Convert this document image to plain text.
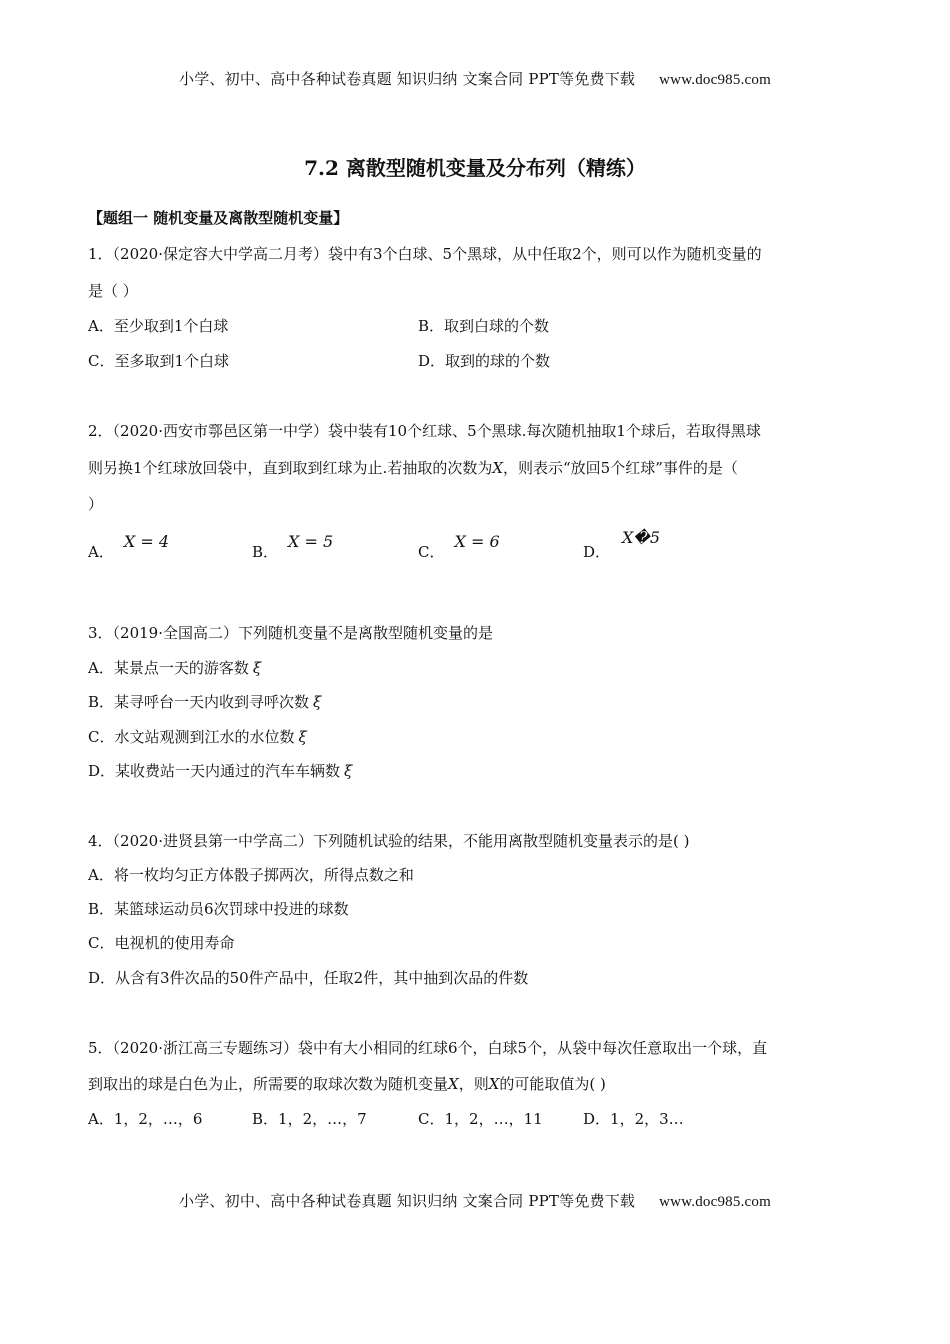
小学、初中、高中各种试卷真题 知识归纳 文案合同 PPT等免费下载 www.doc985.com
7.2 离散型随机变量及分布列（精练）
【题组一 随机变量及离散型随机变量】
1．（2020·保定容大中学高二月考）袋中有3个白球、5个黑球，从中任取2个，则可以作为随机变量的
是（ ）
A．至少取到1个白球	B．取到白球的个数
C．至多取到1个白球	D．取到的球的个数
2．（2020·西安市鄠邑区第一中学）袋中装有10个红球、5个黑球.每次随机抽取1个球后，若取得黑球
则另换1个红球放回袋中，直到取到红球为止.若抽取的次数为X，则表示“放回5个红球”事件的是（
）
A．X = 4
B．X = 5
C．X = 6
D．X�5
3．（2019·全国高二）下列随机变量不是离散型随机变量的是
A．某景点一天的游客数 ξ
B．某寻呼台一天内收到寻呼次数 ξ
C．水文站观测到江水的水位数 ξ
D．某收费站一天内通过的汽车车辆数 ξ
4．（2020·进贤县第一中学高二）下列随机试验的结果，不能用离散型随机变量表示的是( )
A．将一枚均匀正方体骰子掷两次，所得点数之和
B．某篮球运动员6次罚球中投进的球数
C．电视机的使用寿命
D．从含有3件次品的50件产品中，任取2件，其中抽到次品的件数
5．（2020·浙江高三专题练习）袋中有大小相同的红球6个，白球5个，从袋中每次任意取出一个球，直
到取出的球是白色为止，所需要的取球次数为随机变量X，则X的可能取值为( )
A．1，2，…，6	B．1，2，…，7	C．1，2，…，11	D．1，2，3…
小学、初中、高中各种试卷真题 知识归纳 文案合同 PPT等免费下载 www.doc985.com
